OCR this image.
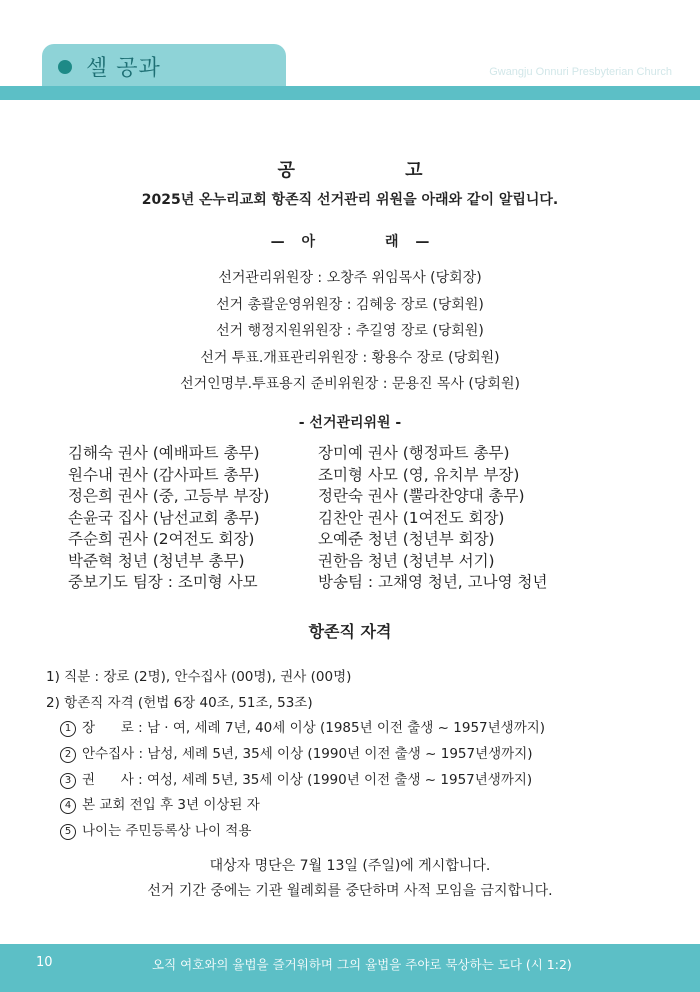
셀 공과	Gwangju Onnuri Presbyterian Church
공 고
2025년 온누리교회 항존직 선거관리 위원을 아래와 같이 알립니다.
— 아	래 —
선거관리위원장 : 오창주 위임목사 (당회장)
선거 총괄운영위원장 : 김혜웅 장로 (당회원)
선거 행정지원위원장 : 추길영 장로 (당회원)
선거 투표.개표관리위원장 : 황용수 장로 (당회원)
선거인명부.투표용지 준비위원장 : 문용진 목사 (당회원)
- 선거관리위원 -
김해숙 권사 (예배파트 총무)
원수내 권사 (감사파트 총무)
정은희 권사 (중, 고등부 부장)
손윤국 집사 (남선교회 총무)
주순희 권사 (2여전도 회장)
박준혁 청년 (청년부 총무)
중보기도 팀장 : 조미형 사모
장미예 권사 (행정파트 총무)
조미형 사모 (영, 유치부 부장)
정란숙 권사 (뿔라찬양대 총무)
김찬안 권사 (1여전도 회장)
오예준 청년 (청년부 회장)
권한음 청년 (청년부 서기)
방송팀 : 고채영 청년, 고나영 청년
항존직 자격
1) 직분 : 장로 (2명), 안수집사 (00명), 권사 (00명)
2) 항존직 자격 (헌법 6장 40조, 51조, 53조)
1 장      로 : 남 · 여, 세례 7년, 40세 이상 (1985년 이전 출생 ~ 1957년생까지)
2 안수집사 : 남성, 세례 5년, 35세 이상 (1990년 이전 출생 ~ 1957년생까지)
3 권      사 : 여성, 세례 5년, 35세 이상 (1990년 이전 출생 ~ 1957년생까지)
4 본 교회 전입 후 3년 이상된 자
5 나이는 주민등록상 나이 적용
대상자 명단은 7월 13일 (주일)에 게시합니다.
선거 기간 중에는 기관 월례회를 중단하며 사적 모임을 금지합니다.
10	오직 여호와의 율법을 즐거워하며 그의 율법을 주야로 묵상하는 도다 (시 1:2)
